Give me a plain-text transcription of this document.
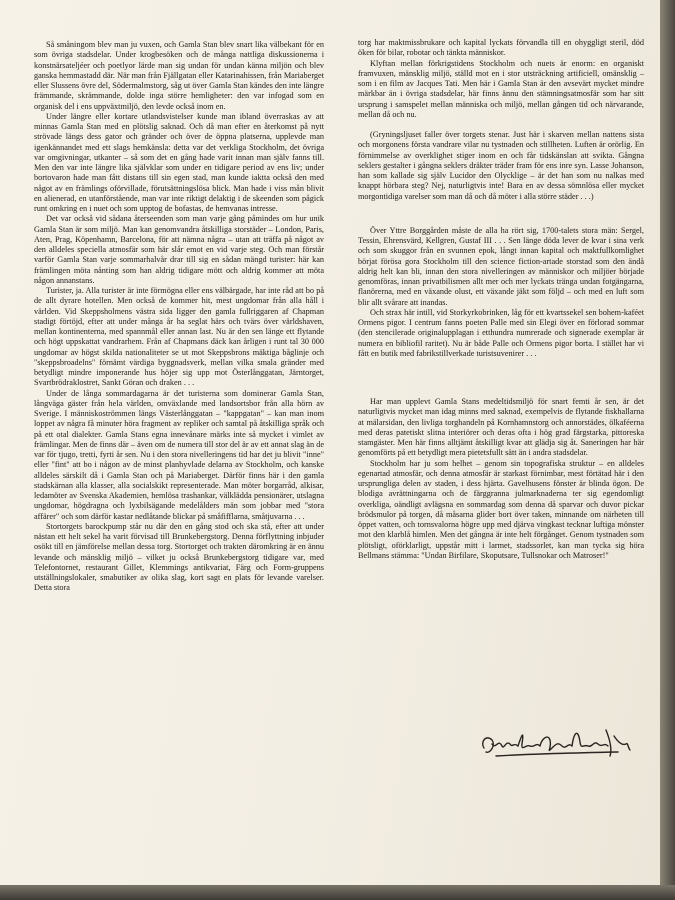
Så småningom blev man ju vuxen, och Gamla Stan blev snart lika välbekant för en som övriga stadsdelar. Under krogbesöken och de många nattliga diskussionerna i konstnärsateljéer och poetlyor lärde man sig undan för undan känna miljön och blev ganska hemmastadd där. När man från Fjällgatan eller Katarinahissen, från Mariaberget eller Slussens övre del, Södermalmstorg, såg ut över Gamla Stan kändes den inte längre främmande, skrämmande, dolde inga större hemligheter: den var infogad som en organisk del i ens uppväxtmiljö, den levde också inom en.

Under längre eller kortare utlandsvistelser kunde man ibland överraskas av att minnas Gamla Stan med en plötslig saknad. Och då man efter en återkomst på nytt strövade längs dess gator och gränder och över de öppna platserna, upplevde man igenkännandet med ett slags hemkänsla: detta var det verkliga Stockholm, det övriga var omgivningar, utkanter – så som det en gång hade varit innan man själv fanns till. Men den var inte längre lika självklar som under en tidigare period av ens liv; under bortovaron hade man fått distans till sin egen stad, man kunde iaktta också den med något av en främlings oförvillade, förutsättningslösa blick. Man hade i viss mån blivit en alienerad, en utanförstående, man var inte riktigt delaktig i de skeenden som pågick runt omkring en i nuet och som upptog de bofastas, de hemvanas intresse.

Det var också vid sådana återseenden som man varje gång påmindes om hur unik Gamla Stan är som miljö. Man kan genomvandra åtskilliga storstäder – London, Paris, Aten, Prag, Köpenhamn, Barcelona, för att nämna några – utan att träffa på något av den alldeles speciella atmosfär som här slår emot en vid varje steg. Och man förstår varför Gamla Stan varje sommarhalvår drar till sig en sådan mängd turister: här kan främlingen möta nånting som han aldrig tidigare mött och aldrig kommer att möta någon annanstans.

Turister, ja. Alla turister är inte förmögna eller ens välbärgade, har inte råd att bo på de allt dyrare hotellen. Men också de kommer hit, mest ungdomar från alla håll i världen. Vid Skeppsholmens västra sida ligger den gamla fullriggaren af Chapman stadigt förtöjd, efter att under många år ha seglat härs och tvärs över världshaven, mellan kontinenterna, med spannmål eller annan last. Nu är den sen länge ett flytande och högt uppskattat vandrarhem. Från af Chapmans däck kan årligen i runt tal 30 000 ungdomar av högst skilda nationaliteter se ut mot Skeppsbrons mäktiga båglinje och "skeppsbroadelns" förnämt värdiga byggnadsverk, mellan vilka smala gränder med betydligt mindre imponerande hus höjer sig upp mot Österlånggatan, Järntorget, Svartbrödraklostret, Sankt Göran och draken . . .

Under de långa sommardagarna är det turisterna som dominerar Gamla Stan, långväga gäster från hela världen, omväxlande med landsortsbor från alla hörn av Sverige. I människoströmmen längs Västerlånggatan – "kappgatan" – kan man inom loppet av några få minuter höra fragment av repliker och samtal på åtskilliga språk och på ett otal dialekter. Gamla Stans egna innevånare märks inte så mycket i vimlet av främlingar. Men de finns där – även om de numera till stor del är av ett annat slag än de var för tjugo, tretti, fyrti år sen. Nu i den stora nivelleringens tid har det ju blivit "inne" eller "fint" att bo i någon av de minst planhyvlade delarna av Stockholm, och kanske alldeles särskilt då i Gamla Stan och på Mariaberget. Därför finns här i den gamla stadskärnan alla klasser, alla socialskikt representerade. Man möter borgarråd, alkisar, ledamöter av Svenska Akademien, hemlösa trashankar, välklädda pensionärer, utslagna ungdomar, högdragna och lyxbilsägande medelålders män som jobbar med "stora affärer" och som därför kastar nedlåtande blickar på småfifflarna, småtjuvarna . . .

Stortorgets barockpump står nu där den en gång stod och ska stå, efter att under nästan ett helt sekel ha varit förvisad till Brunkebergstorg. Denna förflyttning inbjuder osökt till en jämförelse mellan dessa torg. Stortorget och trakten däromkring är en ännu levande och mänsklig miljö – vilket ju också Brunkebergstorg tidigare var, med Telefontornet, restaurant Gillet, Klemmings antikvariat, Färg och Form-gruppens utställningslokaler, smabutiker av olika slag, kort sagt en plats för levande varelser. Detta stora

torg har maktmissbrukare och kapital lyckats förvandla till en ohyggligt steril, död öken för bilar, robotar och tänkta människor.

Klyftan mellan förkrigstidens Stockholm och nuets är enorm: en organiskt framvuxen, mänsklig miljö, ställd mot en i stor utsträckning artificiell, omänsklig – som i en film av Jacques Tati. Men här i Gamla Stan är den avsevärt mycket mindre märkbar än i övriga stadsdelar, här finns ännu den stämningsatmosfär som har sitt ursprung i samspelet mellan människa och miljö, mellan gången tid och närvarande, mellan då och nu.

(Gryningsljuset faller över torgets stenar. Just här i skarven mellan nattens sista och morgonens första vandrare vilar nu tystnaden och stillheten. Luften är orörlig. En förnimmelse av overklighet stiger inom en och får tidskänslan att svikta. Gångna seklers gestalter i gångna seklers dräkter träder fram för ens inre syn. Lasse Johanson, han som kallade sig själv Lucidor den Olycklige – är det han som nu nalkas med knappt hörbara steg? Nej, naturligtvis inte! Bara en av dessa sömnlösa eller mycket morgontidiga varelser som man då och då möter i alla större städer . . .)

Över Yttre Borggården måste de alla ha rört sig, 1700-talets stora män: Sergel, Tessin, Ehrensvärd, Kellgren, Gustaf III . . . Sen länge döda lever de kvar i sina verk och som skuggor från en svunnen epok, långt innan kapital och maktfullkomlighet börjat förösa gora Stockholm till den science fiction-artade storstad som den ändå aldrig helt kan bli, innan den stora nivelleringen av människor och miljöer började genomföras, innan privatbilismen allt mer och mer lyckats tränga undan fotgängarna, flanörerna, med en växande olust, ett växande jäkt som följd – och med en luft som blir allt svårare att inandas.

Och strax här intill, vid Storkyrkobrinken, låg för ett kvartssekel sen bohem-kaféet Ormens pigor. I centrum fanns poeten Palle med sin Elegi över en förlorad sommar (den stencilerade originalupplagan i etthundra numrerade och signerade exemplar är numera en bibliofil raritet). Nu är både Palle och Ormens pigor borta. I stället har vi fått en butik med fabrikstillverkade turistsuvenirer . . .

Har man upplevt Gamla Stans medeltidsmiljö för snart femti år sen, är det naturligtvis mycket man idag minns med saknad, exempelvis de flytande fiskhallarna at mälarsidan, den livliga torghandeln på Kornhamnstorg och annorstädes, ölkaféerna med deras patetiskt slitna interiörer och deras ofta i hög grad färgstarka, pittoreska stamgäster. Men här finns alltjämt åtskilligt kvar att glädja sig åt. Saneringen har här genomförts på ett betydligt mera pietetsfullt sätt än i andra stadsdelar.

Stockholm har ju som helhet – genom sin topografiska struktur – en alldeles egenartad atmosfär, och denna atmosfär är starkast förnimbar, mest förtätad här i den ursprungliga delen av staden, i dess hjärta. Gavelhusens fönster är blinda ögon. De blodiga avrättningarna och de färggranna julmarknaderna ter sig egendomligt overkliga, oändligt avlägsna en sommardag som denna då sparvar och duvor pickar brödsmulor på torgen, då måsarna glider bort över taken, minnande om närheten till öppet vatten, och tornsvalorna högre upp med djärva vingkast tecknar luftiga mönster mot den klarblå himlen. Men det gångna är inte helt förgånget. Genom tystnaden som plötsligt, oförklarligt, uppstår mitt i larmet, stadssorlet, kan man tycka sig höra Bellmans stämma: "Undan Birfilare, Skoputsare, Tullsnokar och Matroser!"
